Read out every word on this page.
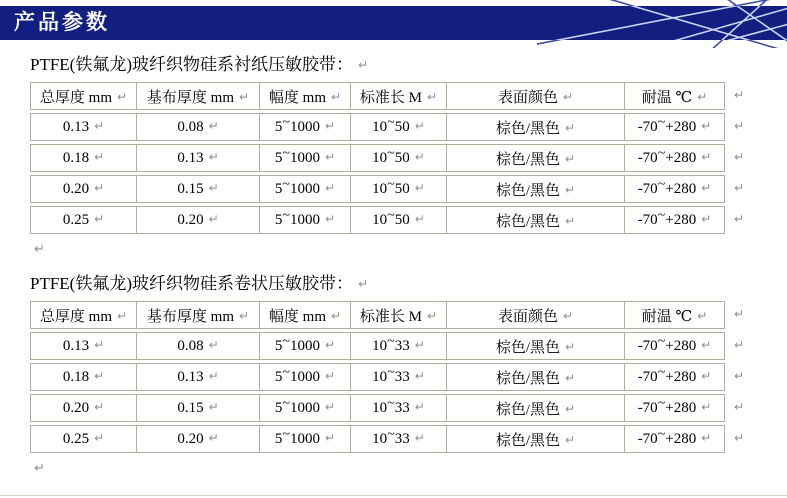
产品参数
PTFE(铁氟龙)玻纤织物硅系衬纸压敏胶带： ↵
总厚度 mm ↵	基布厚度 mm ↵	幅度 mm ↵	标准长 M ↵	表面颜色 ↵	耐温 ℃ ↵	↵
0.13 ↵	0.08 ↵	5~1000 ↵	10~50 ↵	棕色/黑色 ↵	-70~+280 ↵	↵
0.18 ↵	0.13 ↵	5~1000 ↵	10~50 ↵	棕色/黑色 ↵	-70~+280 ↵	↵
0.20 ↵	0.15 ↵	5~1000 ↵	10~50 ↵	棕色/黑色 ↵	-70~+280 ↵	↵
0.25 ↵	0.20 ↵	5~1000 ↵	10~50 ↵	棕色/黑色 ↵	-70~+280 ↵	↵
↵
PTFE(铁氟龙)玻纤织物硅系卷状压敏胶带： ↵
总厚度 mm ↵	基布厚度 mm ↵	幅度 mm ↵	标准长 M ↵	表面颜色 ↵	耐温 ℃ ↵	↵
0.13 ↵	0.08 ↵	5~1000 ↵	10~33 ↵	棕色/黑色 ↵	-70~+280 ↵	↵
0.18 ↵	0.13 ↵	5~1000 ↵	10~33 ↵	棕色/黑色 ↵	-70~+280 ↵	↵
0.20 ↵	0.15 ↵	5~1000 ↵	10~33 ↵	棕色/黑色 ↵	-70~+280 ↵	↵
0.25 ↵	0.20 ↵	5~1000 ↵	10~33 ↵	棕色/黑色 ↵	-70~+280 ↵	↵
↵
